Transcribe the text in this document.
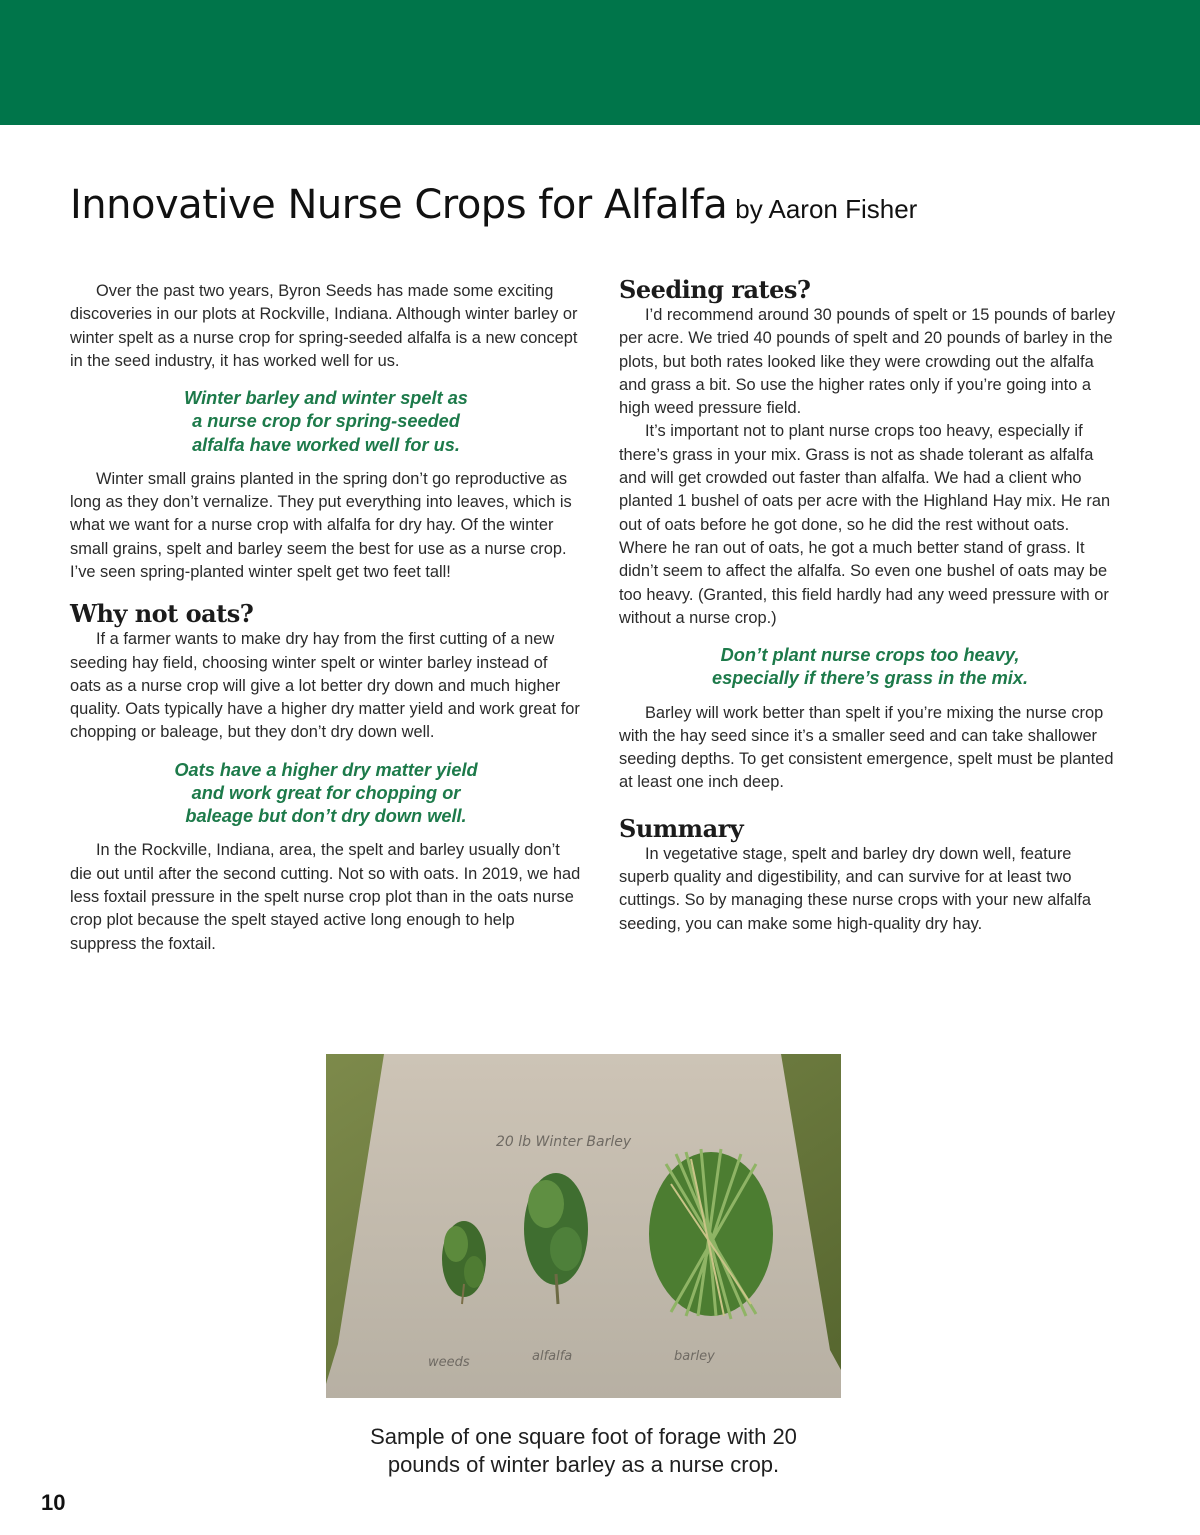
Innovative Nurse Crops for Alfalfa by Aaron Fisher

Over the past two years, Byron Seeds has made some exciting discoveries in our plots at Rockville, Indiana. Although winter barley or winter spelt as a nurse crop for spring-seeded alfalfa is a new concept in the seed industry, it has worked well for us.

Winter barley and winter spelt as
a nurse crop for spring-seeded
alfalfa have worked well for us.

Winter small grains planted in the spring don’t go reproductive as long as they don’t vernalize. They put everything into leaves, which is what we want for a nurse crop with alfalfa for dry hay. Of the winter small grains, spelt and barley seem the best for use as a nurse crop. I’ve seen spring-planted winter spelt get two feet tall!

Why not oats?

If a farmer wants to make dry hay from the first cutting of a new seeding hay field, choosing winter spelt or winter barley instead of oats as a nurse crop will give a lot better dry down and much higher quality. Oats typically have a higher dry matter yield and work great for chopping or baleage, but they don’t dry down well.

Oats have a higher dry matter yield
and work great for chopping or
baleage but don’t dry down well.

In the Rockville, Indiana, area, the spelt and barley usually don’t die out until after the second cutting. Not so with oats. In 2019, we had less foxtail pressure in the spelt nurse crop plot than in the oats nurse crop plot because the spelt stayed active long enough to help suppress the foxtail.

Seeding rates?

I’d recommend around 30 pounds of spelt or 15 pounds of barley per acre. We tried 40 pounds of spelt and 20 pounds of barley in the plots, but both rates looked like they were crowding out the alfalfa and grass a bit. So use the higher rates only if you’re going into a high weed pressure field.

It’s important not to plant nurse crops too heavy, especially if there’s grass in your mix. Grass is not as shade tolerant as alfalfa and will get crowded out faster than alfalfa. We had a client who planted 1 bushel of oats per acre with the Highland Hay mix. He ran out of oats before he got done, so he did the rest without oats. Where he ran out of oats, he got a much better stand of grass. It didn’t seem to affect the alfalfa. So even one bushel of oats may be too heavy. (Granted, this field hardly had any weed pressure with or without a nurse crop.)

Don’t plant nurse crops too heavy,
especially if there’s grass in the mix.

Barley will work better than spelt if you’re mixing the nurse crop with the hay seed since it’s a smaller seed and can take shallower seeding depths. To get consistent emergence, spelt must be planted at least one inch deep.

Summary

In vegetative stage, spelt and barley dry down well, feature superb quality and digestibility, and can survive for at least two cuttings. So by managing these nurse crops with your new alfalfa seeding, you can make some high-quality dry hay.

20 lb Winter Barley
weeds	alfalfa	barley
Sample of one square foot of forage with 20
pounds of winter barley as a nurse crop.
10
